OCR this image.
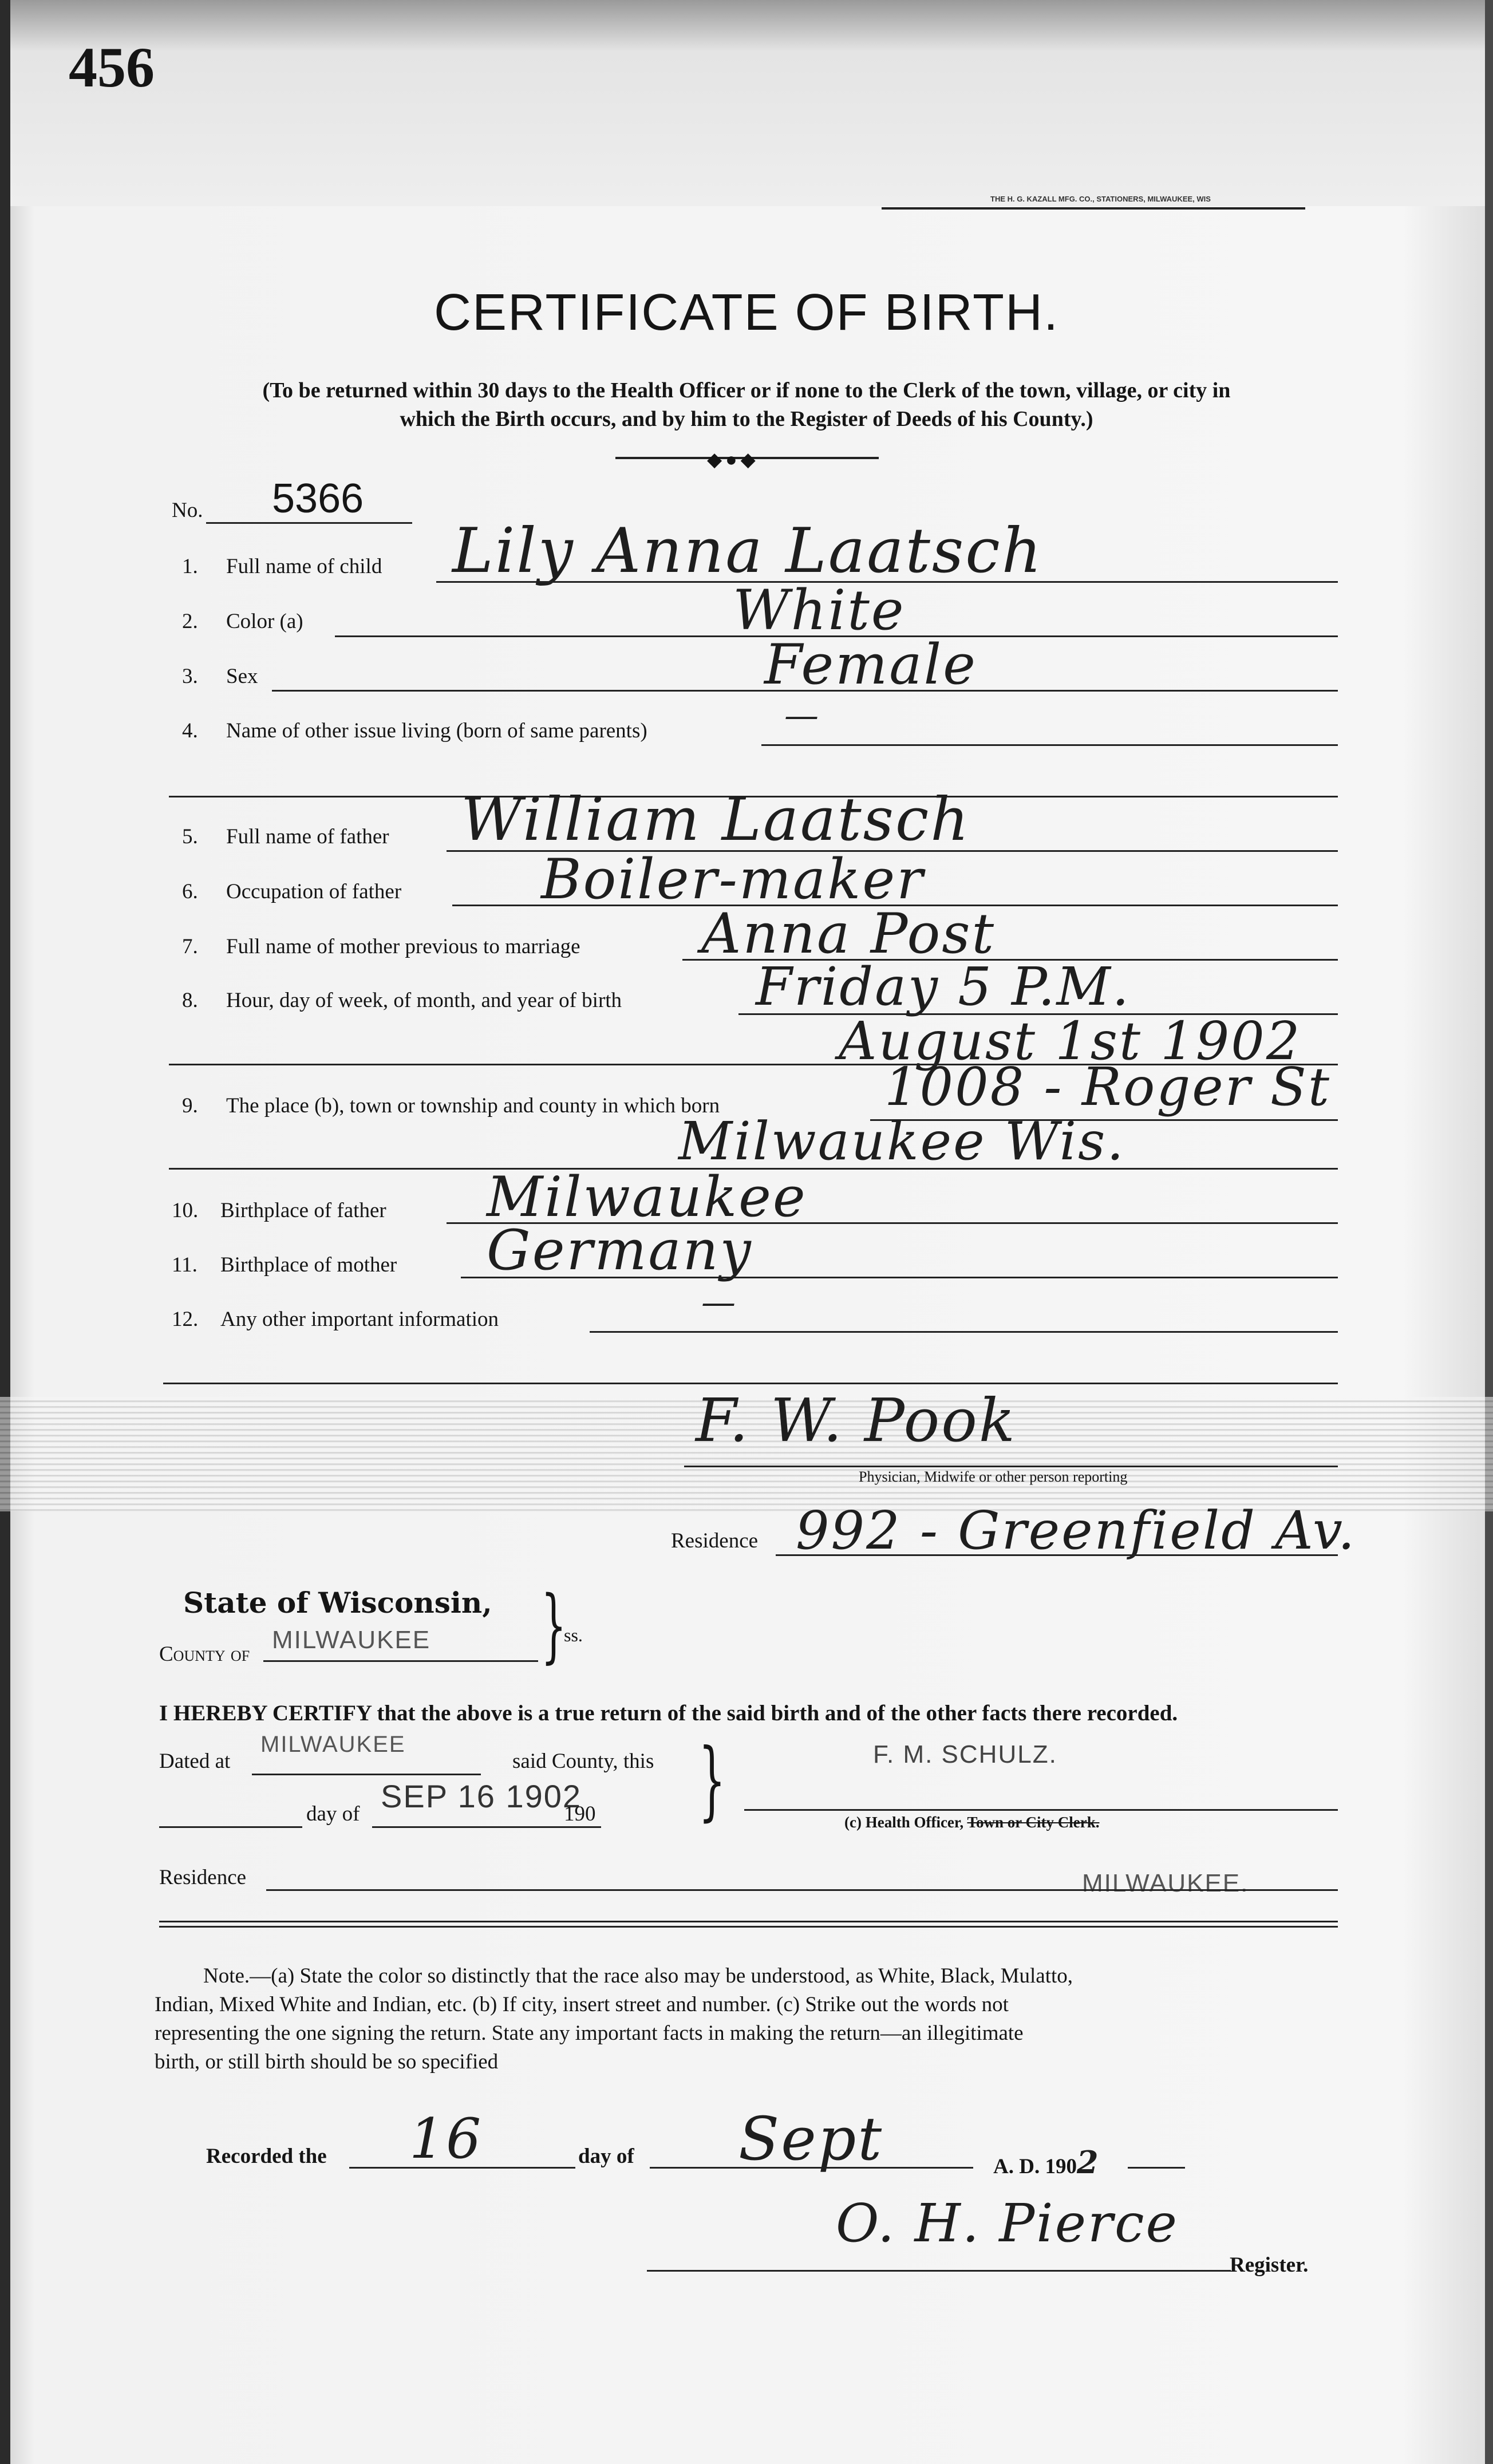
456
THE H. G. KAZALL MFG. CO., STATIONERS, MILWAUKEE, WIS
CERTIFICATE OF BIRTH.
(To be returned within 30 days to the Health Officer or if none to the Clerk of the town, village, or city in
which the Birth occurs, and by him to the Register of Deeds of his County.)
◆●◆
No. 5366
1. Full name of child Lily Anna Laatsch
2. Color (a)	White
3. Sex	Female
4. Name of other issue living (born of same parents)	—
5. Full name of father William Laatsch
6. Occupation of father	Boiler-maker
7. Full name of mother previous to marriage Anna Post
8. Hour, day of week, of month, and year of birth	Friday 5 P.M.
August 1st 1902
9. The place (b), town or township and county in which born	1008 - Roger St
Milwaukee Wis.
10. Birthplace of father Milwaukee
11. Birthplace of mother Germany
12. Any other important information	—
F. W. Pook
Physician, Midwife or other person reporting
Residence 992 - Greenfield Av.
State of Wisconsin,
County of
MILWAUKEE }
ss.
I HEREBY CERTIFY that the above is a true return of the said birth and of the other facts there recorded.
Dated at
MILWAUKEE
said County, this
day of SEP 16 1902
190 }	F. M. SCHULZ.
(c) Health Officer, Town or City Clerk.
Residence	MILWAUKEE.
Note.—(a) State the color so distinctly that the race also may be understood, as White, Black, Mulatto,
Indian, Mixed White and Indian, etc. (b) If city, insert street and number. (c) Strike out the words not
representing the one signing the return. State any important facts in making the return—an illegitimate
birth, or still birth should be so specified
Recorded the 16	day of Sept	A. D. 1902
O. H. Pierce
Register.
